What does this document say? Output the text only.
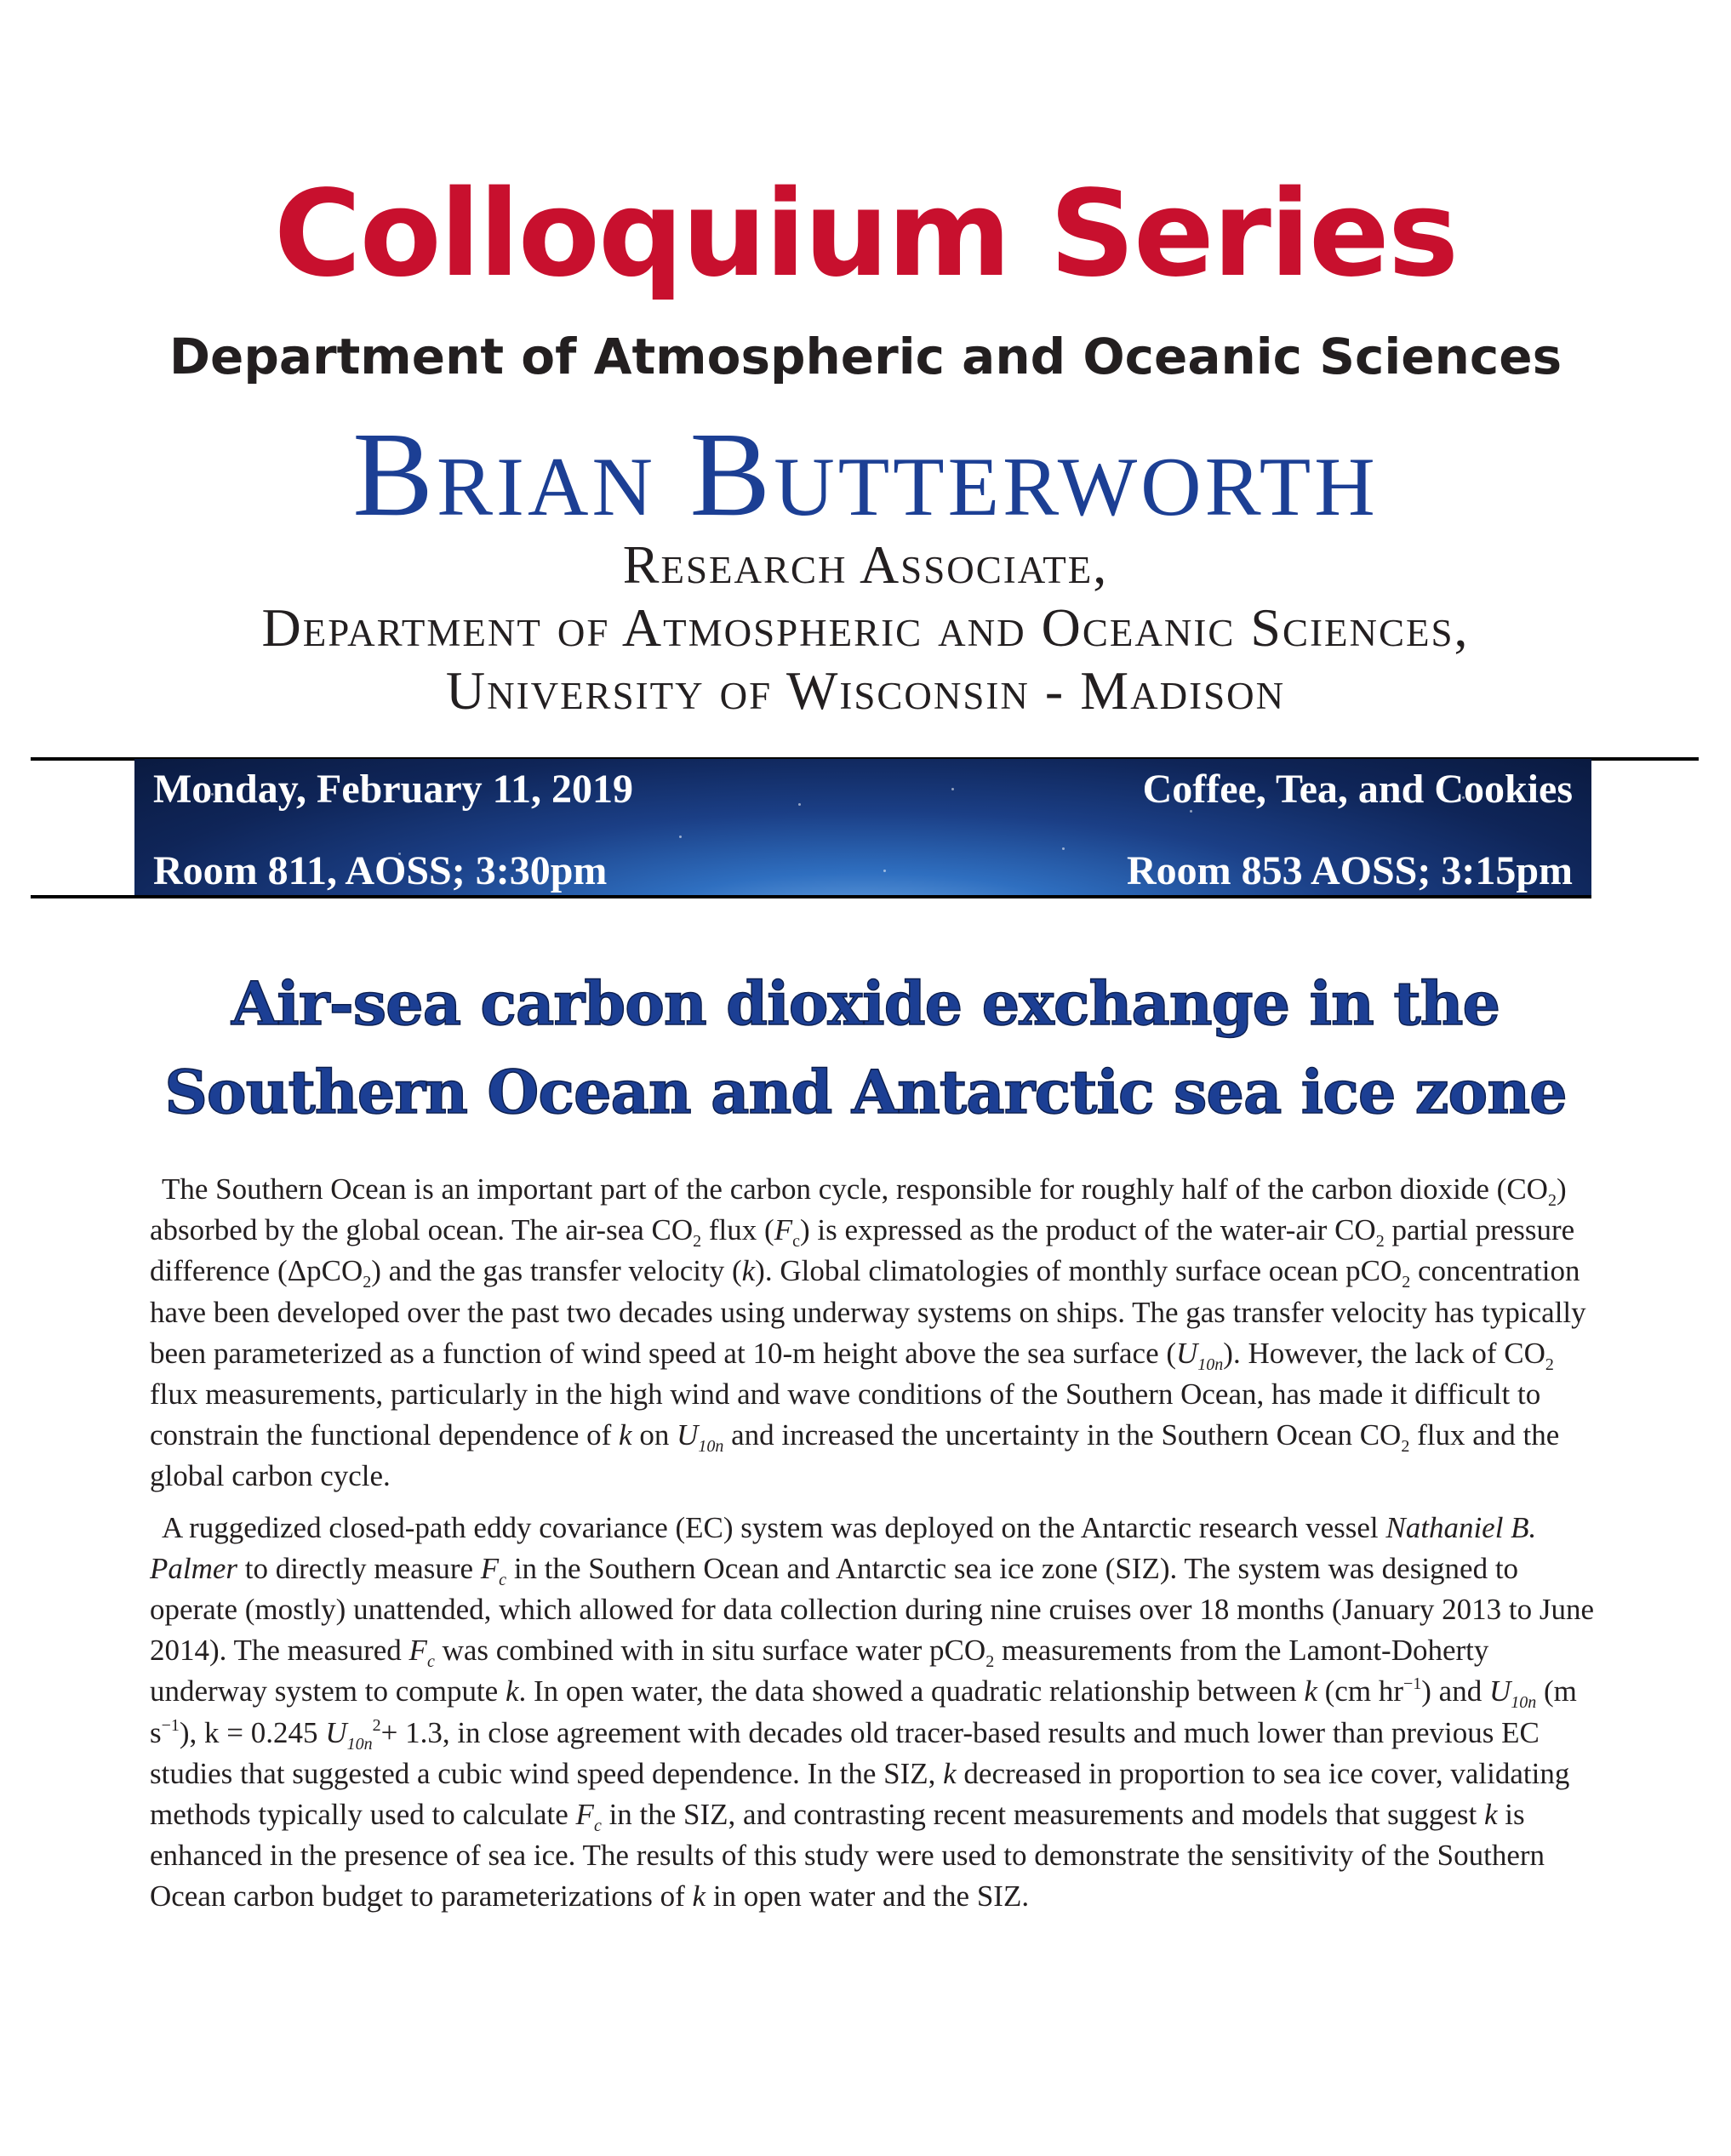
Colloquium Series
Department of Atmospheric and Oceanic Sciences
Brian Butterworth
Research Associate,
Department of Atmospheric and Oceanic Sciences,
University of Wisconsin - Madison
Monday, February 11, 2019
Room 811, AOSS; 3:30pm
Coffee, Tea, and Cookies
Room 853 AOSS; 3:15pm
Air-sea carbon dioxide exchange in the
Southern Ocean and Antarctic sea ice zone

The Southern Ocean is an important part of the carbon cycle, responsible for roughly half of the carbon dioxide $(CO_2)$ absorbed by the global ocean. The air-sea $CO_2$ flux $(F_c)$ is expressed as the product of the water-air $CO_2$ partial pressure difference (ΔpCO$_2$) and the gas transfer velocity (k). Global climatologies of monthly surface ocean pCO$_2$ concentration have been developed over the past two decades using underway systems on ships. The gas transfer velocity has typically been parameterized as a function of wind speed at 10-m height above the sea surface $(U_{10n})$. However, the lack of $CO_2$ flux measurements, particularly in the high wind and wave conditions of the Southern Ocean, has made it difficult to constrain the functional dependence of k on $U_{10n}$ and increased the uncertainty in the Southern Ocean $CO_2$ flux and the global carbon cycle.

A ruggedized closed-path eddy covariance (EC) system was deployed on the Antarctic research vessel Nathaniel B. Palmer to directly measure $F_c$ in the Southern Ocean and Antarctic sea ice zone (SIZ). The system was designed to operate (mostly) unattended, which allowed for data collection during nine cruises over 18 months (January 2013 to June 2014). The measured $F_c$ was combined with in situ surface water pCO$_2$ measurements from the Lamont-Doherty underway system to compute k. In open water, the data showed a quadratic relationship between k (cm $hr^{-1}$) and $U_{10n}$ (m $s^{-1}$), k = 0.245 $U_{10n}^2+ 1.3$, in close agreement with decades old tracer-based results and much lower than previous EC studies that suggested a cubic wind speed dependence. In the SIZ, k decreased in proportion to sea ice cover, validating methods typically used to calculate $F_c$ in the SIZ, and contrasting recent measurements and models that suggest k is enhanced in the presence of sea ice. The results of this study were used to demonstrate the sensitivity of the Southern Ocean carbon budget to parameterizations of k in open water and the SIZ.
